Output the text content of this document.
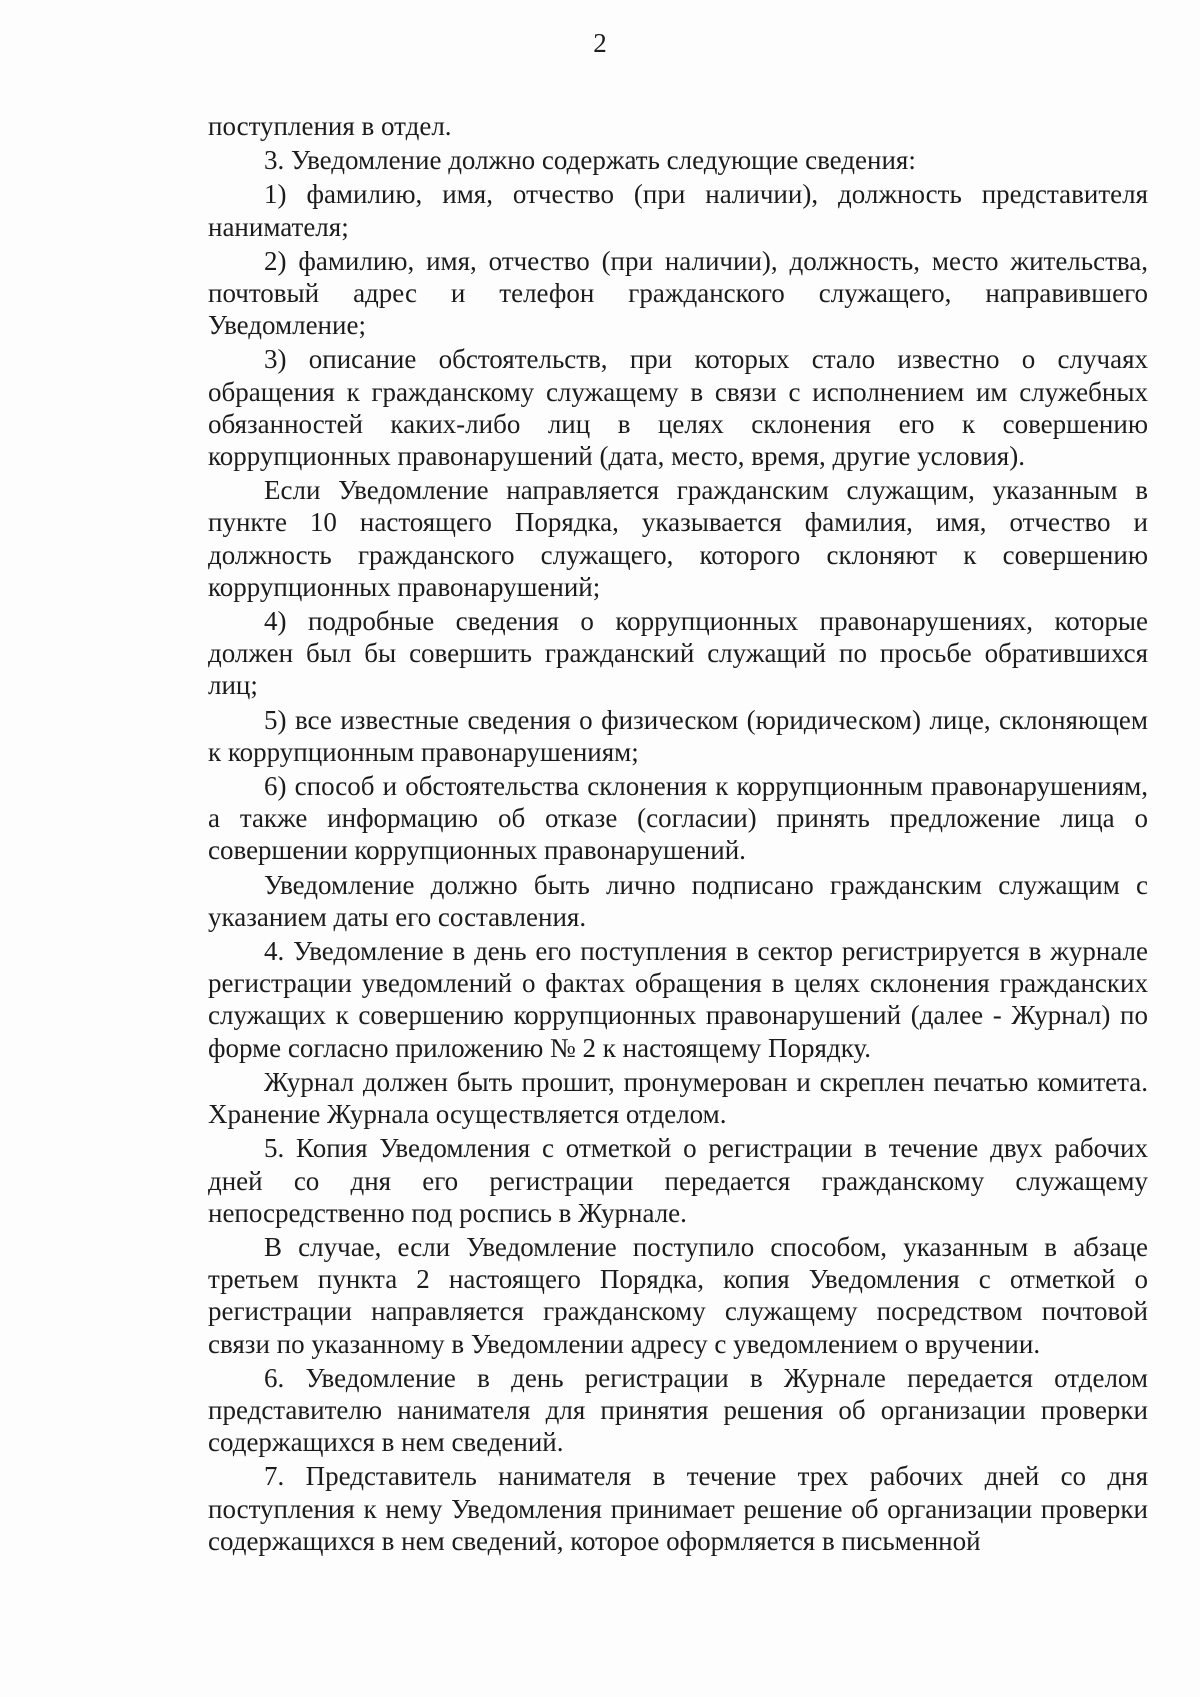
2

поступления в отдел.

3. Уведомление должно содержать следующие сведения:

1) фамилию, имя, отчество (при наличии), должность представителя нанимателя;

2) фамилию, имя, отчество (при наличии), должность, место жительства, почтовый адрес и телефон гражданского служащего, направившего Уведомление;

3) описание обстоятельств, при которых стало известно о случаях обращения к гражданскому служащему в связи с исполнением им служебных обязанностей каких-либо лиц в целях склонения его к совершению коррупционных правонарушений (дата, место, время, другие условия).

Если Уведомление направляется гражданским служащим, указанным в пункте 10 настоящего Порядка, указывается фамилия, имя, отчество и должность гражданского служащего, которого склоняют к совершению коррупционных правонарушений;

4) подробные сведения о коррупционных правонарушениях, которые должен был бы совершить гражданский служащий по просьбе обратившихся лиц;

5) все известные сведения о физическом (юридическом) лице, склоняющем к коррупционным правонарушениям;

6) способ и обстоятельства склонения к коррупционным правонарушениям, а также информацию об отказе (согласии) принять предложение лица о совершении коррупционных правонарушений.

Уведомление должно быть лично подписано гражданским служащим с указанием даты его составления.

4. Уведомление в день его поступления в сектор регистрируется в журнале регистрации уведомлений о фактах обращения в целях склонения гражданских служащих к совершению коррупционных правонарушений (далее - Журнал) по форме согласно приложению № 2 к настоящему Порядку.

Журнал должен быть прошит, пронумерован и скреплен печатью комитета. Хранение Журнала осуществляется отделом.

5. Копия Уведомления с отметкой о регистрации в течение двух рабочих дней со дня его регистрации передается гражданскому служащему непосредственно под роспись в Журнале.

В случае, если Уведомление поступило способом, указанным в абзаце третьем пункта 2 настоящего Порядка, копия Уведомления с отметкой о регистрации направляется гражданскому служащему посредством почтовой связи по указанному в Уведомлении адресу с уведомлением о вручении.

6. Уведомление в день регистрации в Журнале передается отделом представителю нанимателя для принятия решения об организации проверки содержащихся в нем сведений.

7. Представитель нанимателя в течение трех рабочих дней со дня поступления к нему Уведомления принимает решение об организации проверки содержащихся в нем сведений, которое оформляется в письменной
